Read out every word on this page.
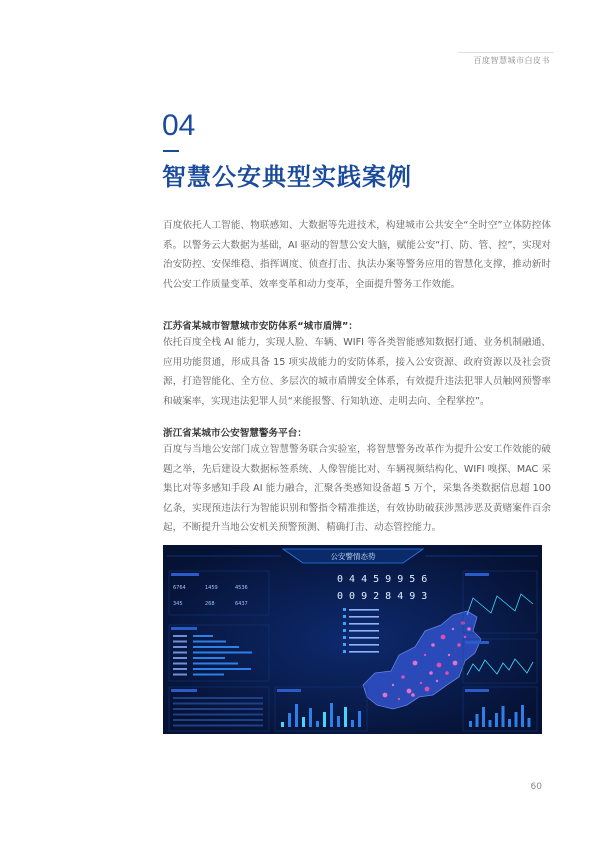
百度智慧城市白皮书
04
智慧公安典型实践案例

百度依托人工智能、物联感知、大数据等先进技术，构建城市公共安全“全时空”立体防控体系。以警务云大数据为基础，AI 驱动的智慧公安大脑，赋能公安“打、防、管、控”，实现对治安防控、安保维稳、指挥调度、侦查打击、执法办案等警务应用的智慧化支撑，推动新时代公安工作质量变革、效率变革和动力变革，全面提升警务工作效能。

江苏省某城市智慧城市安防体系“城市盾牌”：

依托百度全栈 AI 能力，实现人脸、车辆、WIFI 等各类智能感知数据打通、业务机制融通、应用功能贯通，形成具备 15 项实战能力的安防体系，接入公安资源、政府资源以及社会资源，打造智能化、全方位、多层次的城市盾牌安全体系，有效提升违法犯罪人员触网预警率和破案率，实现违法犯罪人员“来能报警、行知轨迹、走明去向、全程掌控”。

浙江省某城市公安智慧警务平台：

百度与当地公安部门成立智慧警务联合实验室，将智慧警务改革作为提升公安工作效能的破题之举，先后建设大数据标签系统、人像智能比对、车辆视频结构化、WIFI 嗅探、MAC 采集比对等多感知手段 AI 能力融合，汇聚各类感知设备超 5 万个，采集各类数据信息超 100 亿条，实现预违法行为智能识别和警指令精准推送，有效协助破获涉黑涉恶及黄赌案件百余起，不断提升当地公安机关预警预测、精确打击、动态管控能力。

公安警情态势
6764	1459	4536
345	268	6437
0 4 4 5 9 9 5 6
0 0 9 2 8 4 9 3
60
